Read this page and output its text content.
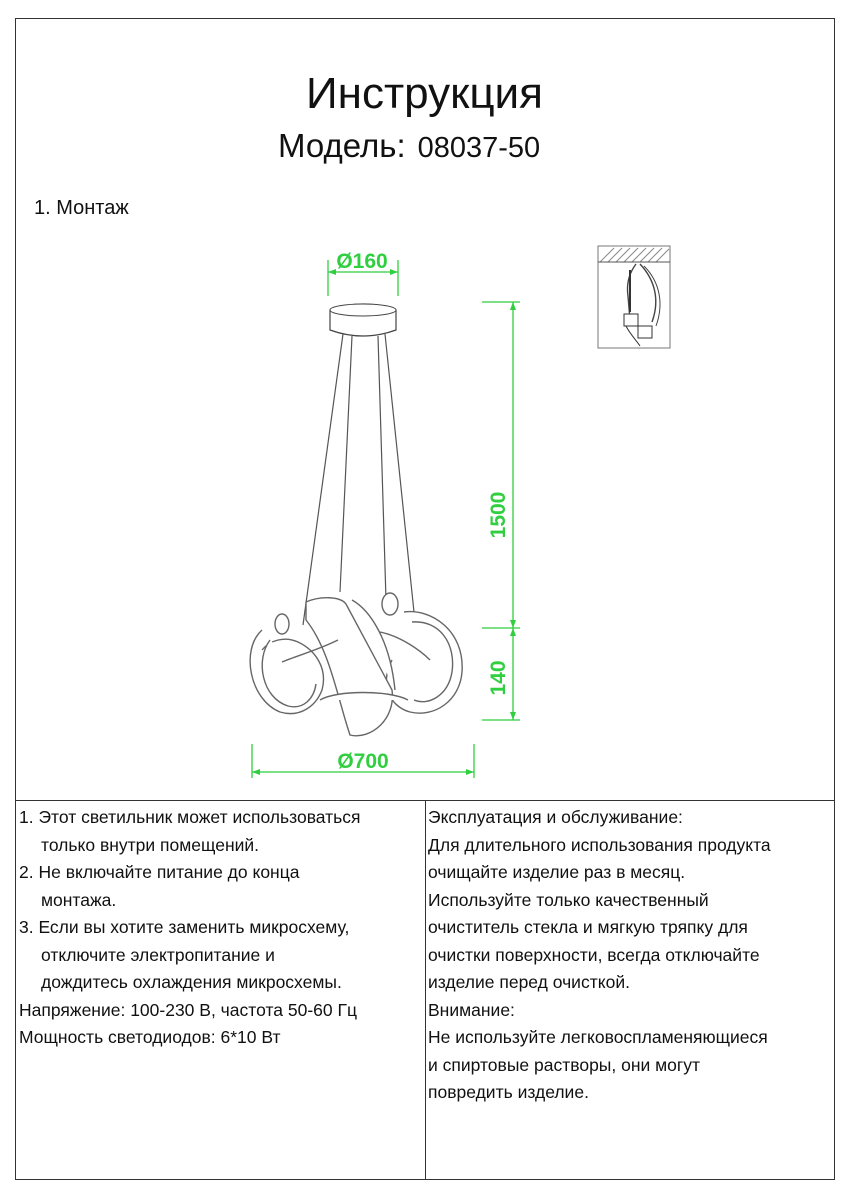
Инструкция
Модель: 08037-50
1. Монтаж
Ø160
1500
140
Ø700
1. Этот светильник может использоваться
только внутри помещений.
2. Не включайте питание до конца
монтажа.
3. Если вы хотите заменить микросхему,
отключите электропитание и
дождитесь охлаждения микросхемы.
Напряжение: 100-230 В, частота 50-60 Гц
Мощность светодиодов: 6*10 Вт
Эксплуатация и обслуживание:
Для длительного использования продукта
очищайте изделие раз в месяц.
Используйте только качественный
очиститель стекла и мягкую тряпку для
очистки поверхности, всегда отключайте
изделие перед очисткой.
Внимание:
Не используйте легковоспламеняющиеся
и спиртовые растворы, они могут
повредить изделие.
